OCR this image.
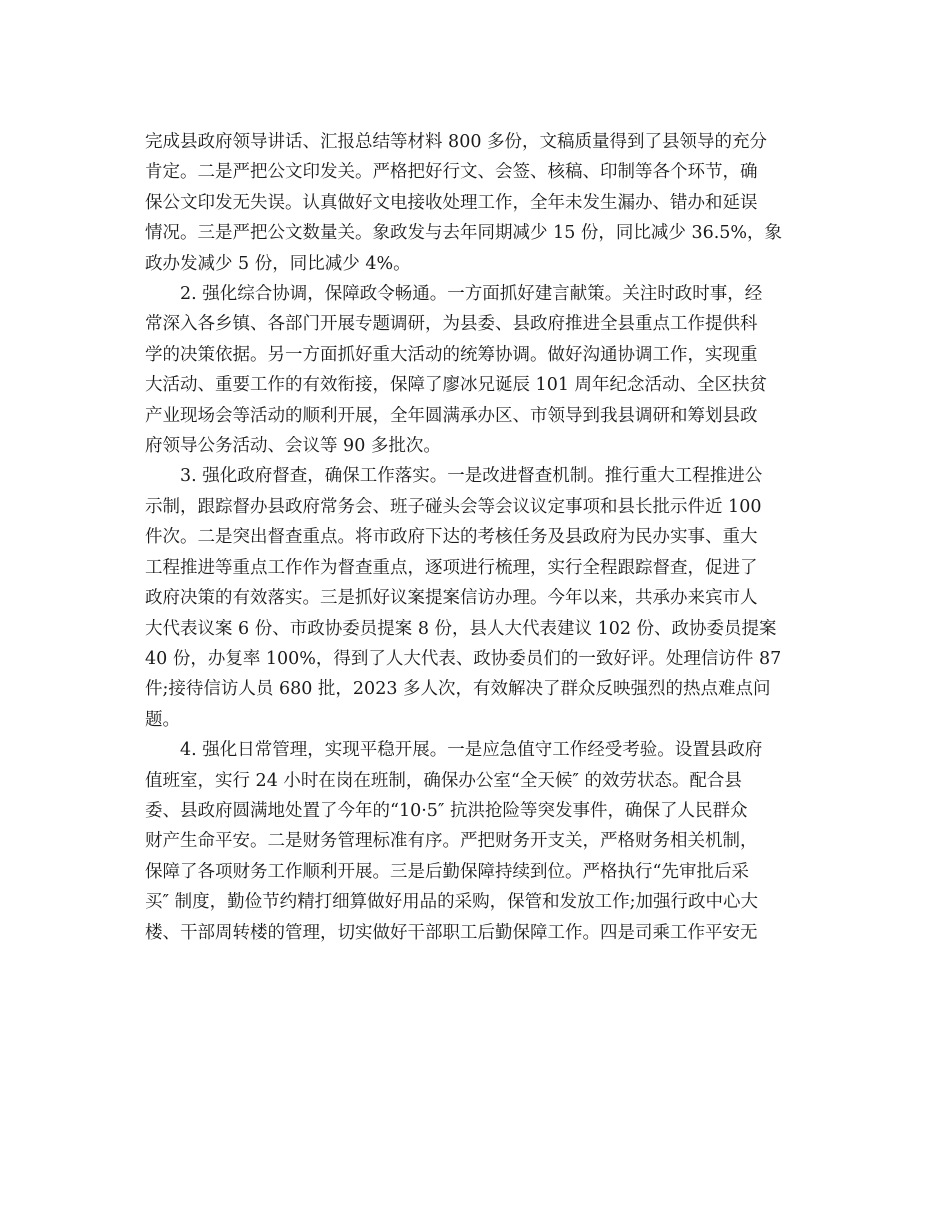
完成县政府领导讲话、汇报总结等材料 800 多份，文稿质量得到了县领导的充分
肯定。二是严把公文印发关。严格把好行文、会签、核稿、印制等各个环节，确
保公文印发无失误。认真做好文电接收处理工作，全年未发生漏办、错办和延误
情况。三是严把公文数量关。象政发与去年同期减少 15 份，同比减少 36.5%，象
政办发减少 5 份，同比减少 4%。
2. 强化综合协调，保障政令畅通。一方面抓好建言献策。关注时政时事，经
常深入各乡镇、各部门开展专题调研，为县委、县政府推进全县重点工作提供科
学的决策依据。另一方面抓好重大活动的统筹协调。做好沟通协调工作，实现重
大活动、重要工作的有效衔接，保障了廖冰兄诞辰 101 周年纪念活动、全区扶贫
产业现场会等活动的顺利开展，全年圆满承办区、市领导到我县调研和筹划县政
府领导公务活动、会议等 90 多批次。
3. 强化政府督查，确保工作落实。一是改进督查机制。推行重大工程推进公
示制，跟踪督办县政府常务会、班子碰头会等会议议定事项和县长批示件近 100
件次。二是突出督查重点。将市政府下达的考核任务及县政府为民办实事、重大
工程推进等重点工作作为督查重点，逐项进行梳理，实行全程跟踪督查，促进了
政府决策的有效落实。三是抓好议案提案信访办理。今年以来，共承办来宾市人
大代表议案 6 份、市政协委员提案 8 份，县人大代表建议 102 份、政协委员提案
40 份，办复率 100%，得到了人大代表、政协委员们的一致好评。处理信访件 87
件;接待信访人员 680 批，2023 多人次，有效解决了群众反映强烈的热点难点问
题。
4. 强化日常管理，实现平稳开展。一是应急值守工作经受考验。设置县政府
值班室，实行 24 小时在岗在班制，确保办公室“全天候″ 的效劳状态。配合县
委、县政府圆满地处置了今年的“10·5″ 抗洪抢险等突发事件，确保了人民群众
财产生命平安。二是财务管理标准有序。严把财务开支关，严格财务相关机制，
保障了各项财务工作顺利开展。三是后勤保障持续到位。严格执行“先审批后采
买″ 制度，勤俭节约精打细算做好用品的采购，保管和发放工作;加强行政中心大
楼、干部周转楼的管理，切实做好干部职工后勤保障工作。四是司乘工作平安无
